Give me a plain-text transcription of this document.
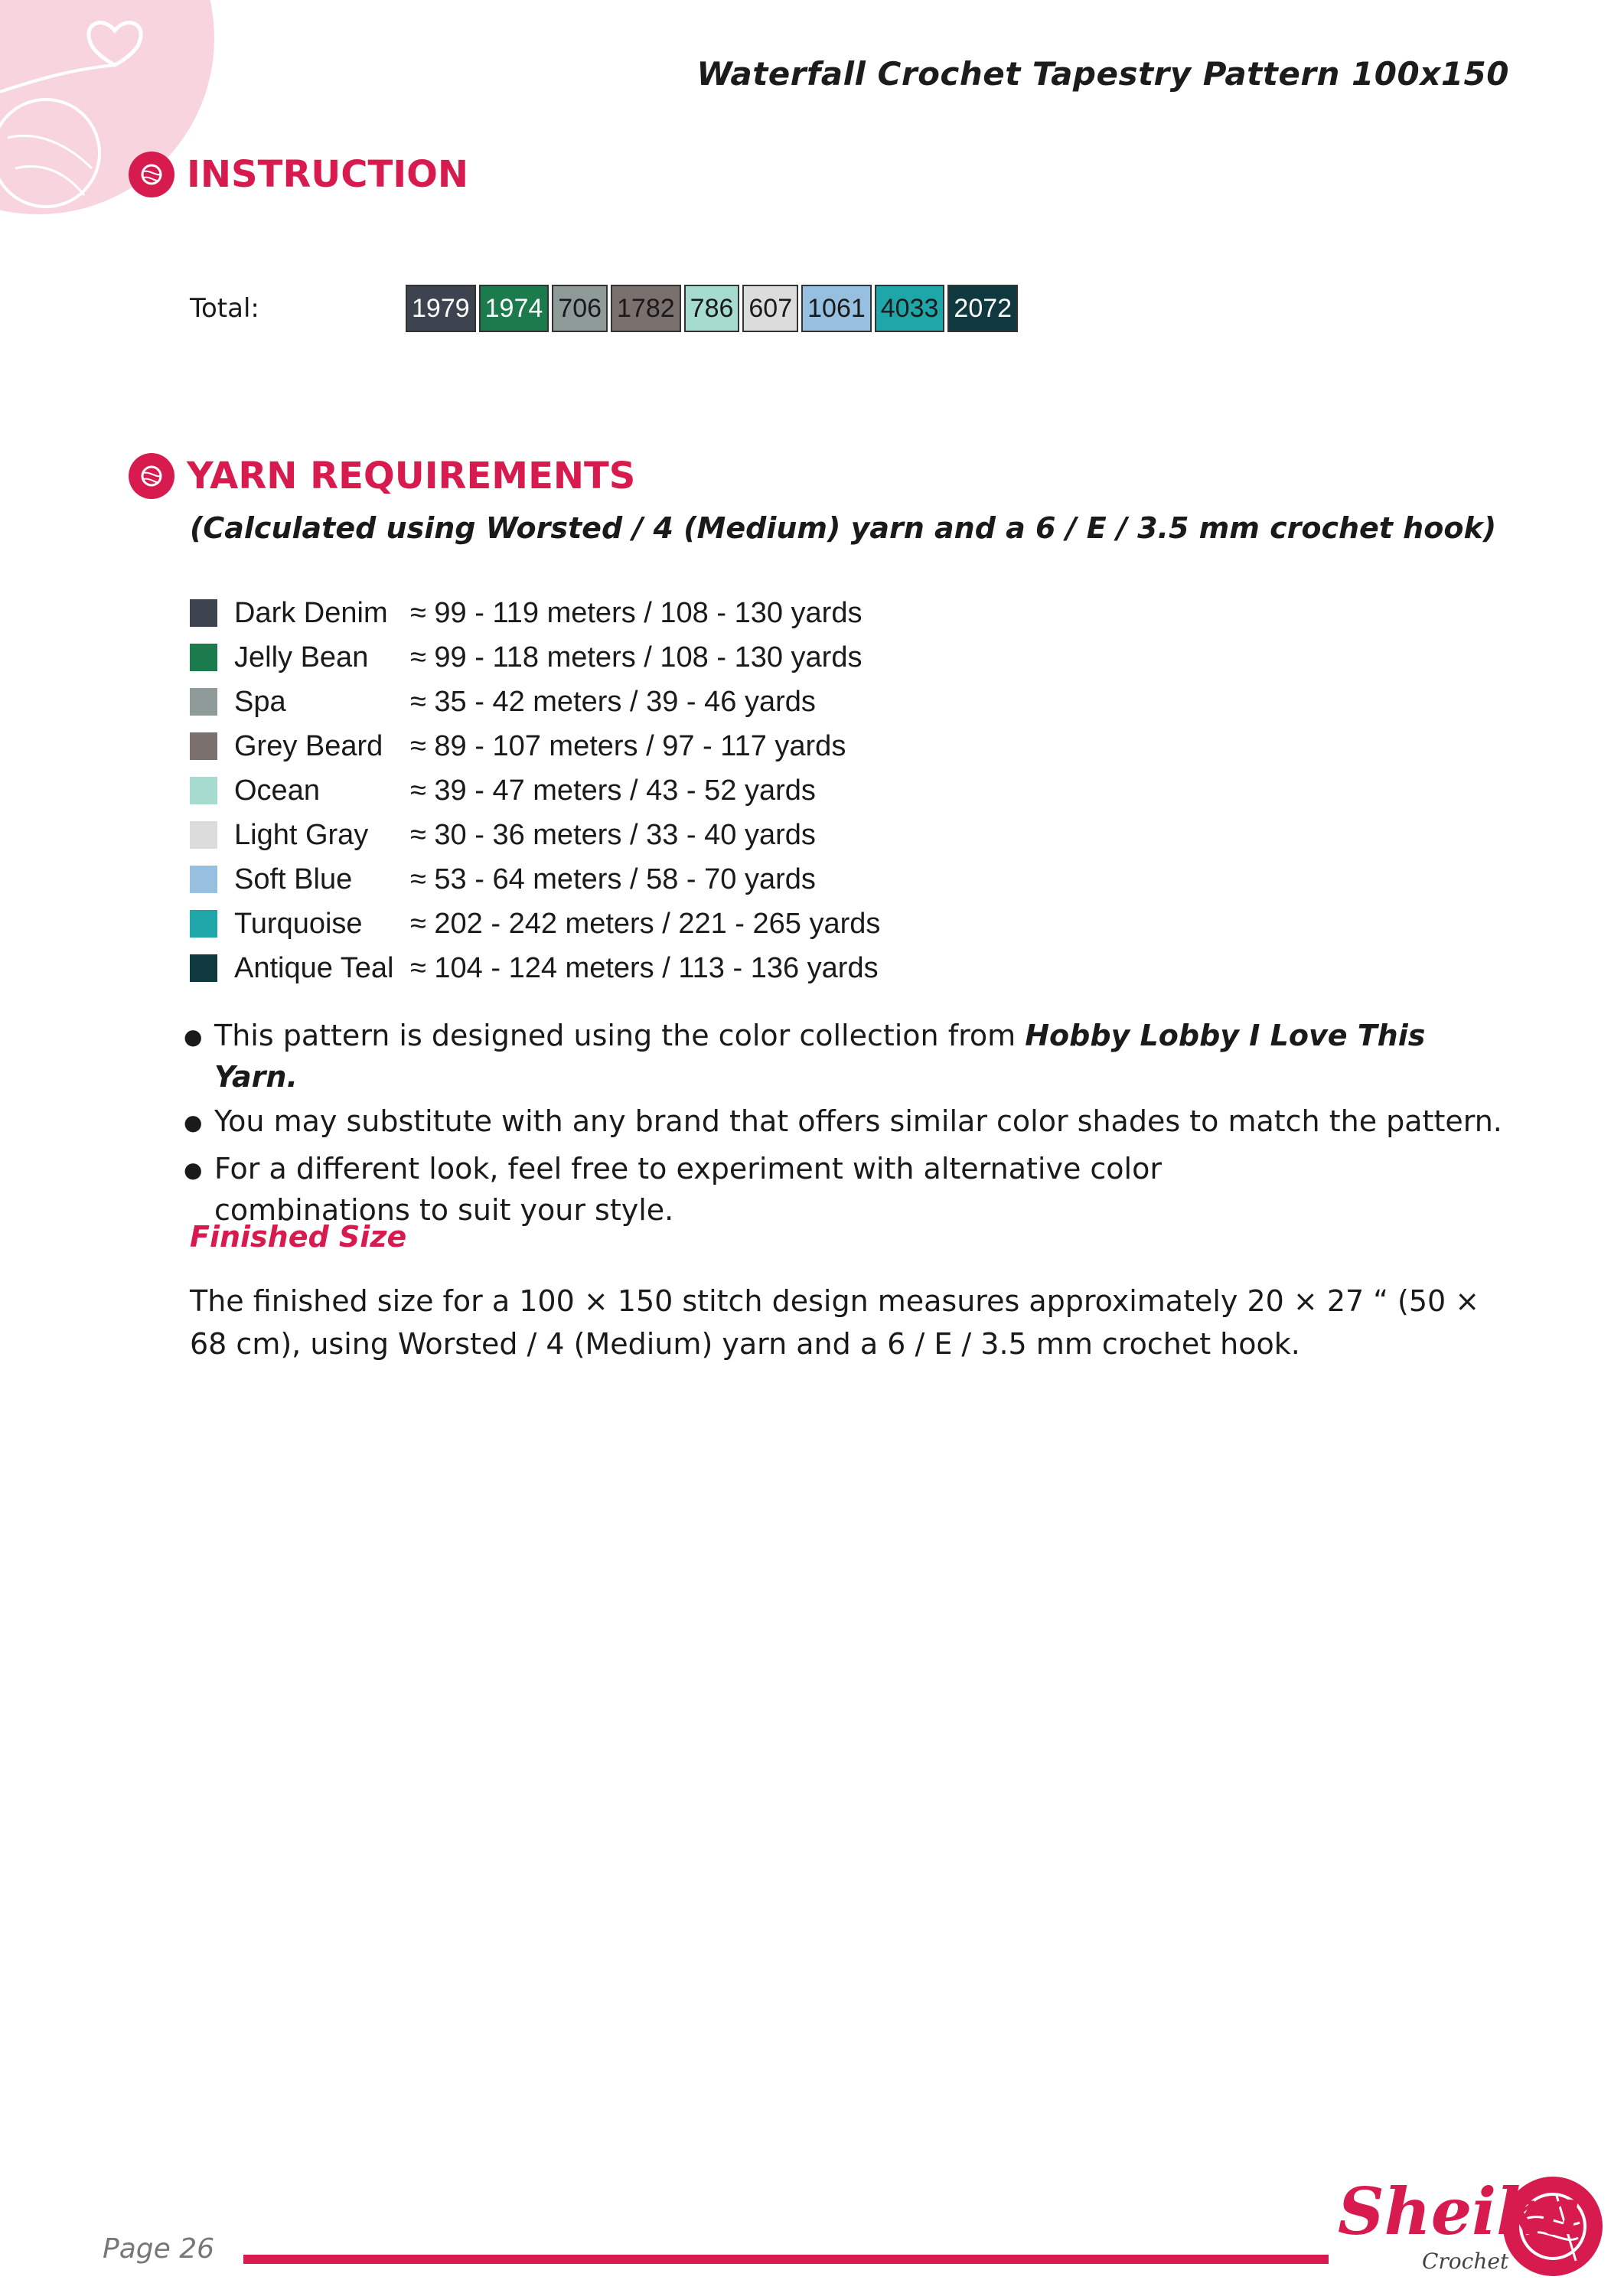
Waterfall Crochet Tapestry Pattern 100x150
INSTRUCTION
Total:	1979 1974 706 1782 786 607 1061 4033 2072
YARN REQUIREMENTS
(Calculated using Worsted / 4 (Medium) yarn and a 6 / E / 3.5 mm crochet hook)
Dark Denim ≈ 99 - 119 meters / 108 - 130 yards
Jelly Bean	≈ 99 - 118 meters / 108 - 130 yards
Spa	≈ 35 - 42 meters / 39 - 46 yards
Grey Beard ≈ 89 - 107 meters / 97 - 117 yards
Ocean	≈ 39 - 47 meters / 43 - 52 yards
Light Gray	≈ 30 - 36 meters / 33 - 40 yards
Soft Blue	≈ 53 - 64 meters / 58 - 70 yards
Turquoise	≈ 202 - 242 meters / 221 - 265 yards
Antique Teal ≈ 104 - 124 meters / 113 - 136 yards
● This pattern is designed using the color collection from Hobby Lobby I Love This Yarn.
● You may substitute with any brand that offers similar color shades to match the pattern.
● For a different look, feel free to experiment with alternative color combinations to suit your style.
Finished Size
The finished size for a 100 × 150 stitch design measures approximately 20 × 27 “ (50 × 68 cm), using Worsted / 4 (Medium) yarn and a 6 / E / 3.5 mm crochet hook.
Page 26	Sheika
Crochet
